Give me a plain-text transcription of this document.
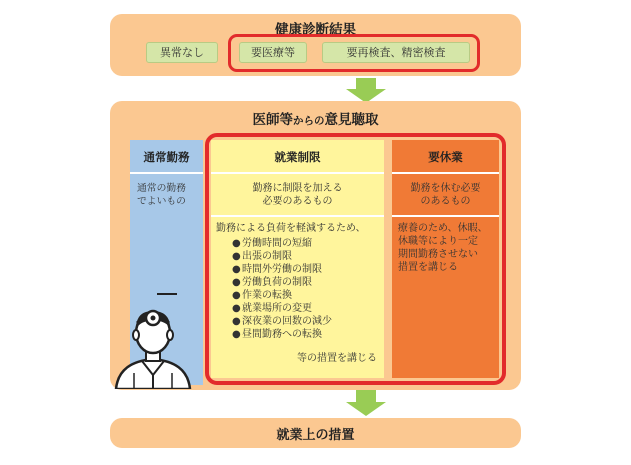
健康診断結果
異常なし	要医療等	要再検査、精密検査
医師等からの意見聴取
通常勤務
通常の勤務
でよいもの
就業制限
勤務に制限を加える
必要のあるもの
勤務による負荷を軽減するため、
●労働時間の短縮
●出張の制限
●時間外労働の制限
●労働負荷の制限
●作業の転換
●就業場所の変更
●深夜業の回数の減少
●昼間勤務への転換
等の措置を講じる
要休業
勤務を休む必要
のあるもの
療養のため、休暇、
休職等により一定
期間勤務させない
措置を講じる
就業上の措置
